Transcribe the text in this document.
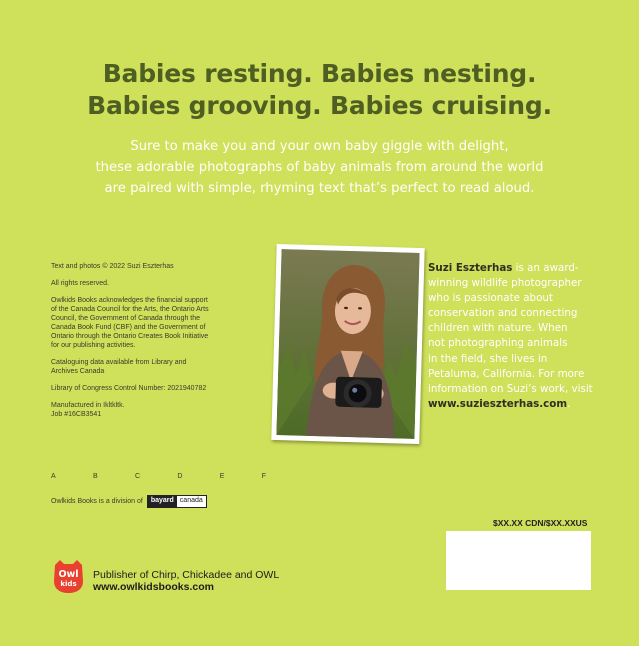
Babies resting. Babies nesting.
Babies grooving. Babies cruising.
Sure to make you and your own baby giggle with delight,
these adorable photographs of baby animals from around the world
are paired with simple, rhyming text that’s perfect to read aloud.

Text and photos © 2022 Suzi Eszterhas

All rights reserved.

Owlkids Books acknowledges the financial support
of the Canada Council for the Arts, the Ontario Arts
Council, the Government of Canada through the
Canada Book Fund (CBF) and the Government of
Ontario through the Ontario Creates Book Initiative
for our publishing activities.

Cataloguing data available from Library and
Archives Canada

Library of Congress Control Number: 2021940782

Manufactured in Ikltkltk.
Job #16CB3541

A	B	C	D	E	F
Owlkids Books is a division of	bayard canada
Suzi Eszterhas is an award-
winning wildlife photographer
who is passionate about
conservation and connecting
children with nature. When
not photographing animals
in the field, she lives in
Petaluma, California. For more
information on Suzi’s work, visit
www.suzieszterhas.com.
$XX.XX CDN/$XX.XXUS
Owl
kids
Publisher of Chirp, Chickadee and OWL
www.owlkidsbooks.com
